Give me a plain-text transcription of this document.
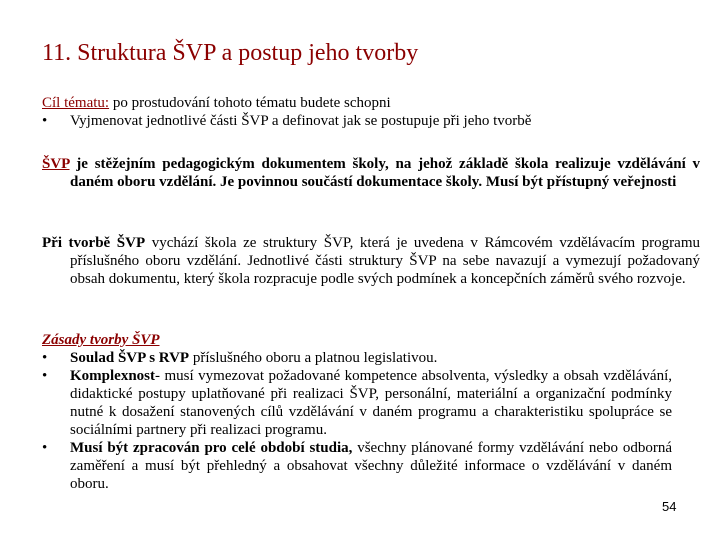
11. Struktura ŠVP a postup jeho tvorby
Cíl tématu: po prostudování tohoto tématu budete schopni
•	Vyjmenovat jednotlivé části ŠVP a definovat jak se postupuje při jeho tvorbě
ŠVP je stěžejním pedagogickým dokumentem školy, na jehož základě škola realizuje vzdělávání v daném oboru vzdělání. Je povinnou součástí dokumentace školy. Musí být přístupný veřejnosti
Při tvorbě ŠVP vychází škola ze struktury ŠVP, která je uvedena v Rámcovém vzdělávacím programu příslušného oboru vzdělání. Jednotlivé části struktury ŠVP na sebe navazují a vymezují požadovaný obsah dokumentu, který škola rozpracuje podle svých podmínek a koncepčních záměrů svého rozvoje.
Zásady tvorby ŠVP
•	Soulad ŠVP s RVP příslušného oboru a platnou legislativou.
•	Komplexnost- musí vymezovat požadované kompetence absolventa, výsledky a obsah vzdělávání, didaktické postupy uplatňované při realizaci ŠVP, personální, materiální a organizační podmínky nutné k dosažení stanovených cílů vzdělávání v daném programu a charakteristiku spolupráce se sociálními partnery při realizaci programu.
•	Musí být zpracován pro celé období studia, všechny plánované formy vzdělávání nebo odborná zaměření a musí být přehledný a obsahovat všechny důležité informace o vzdělávání v daném oboru.
54
